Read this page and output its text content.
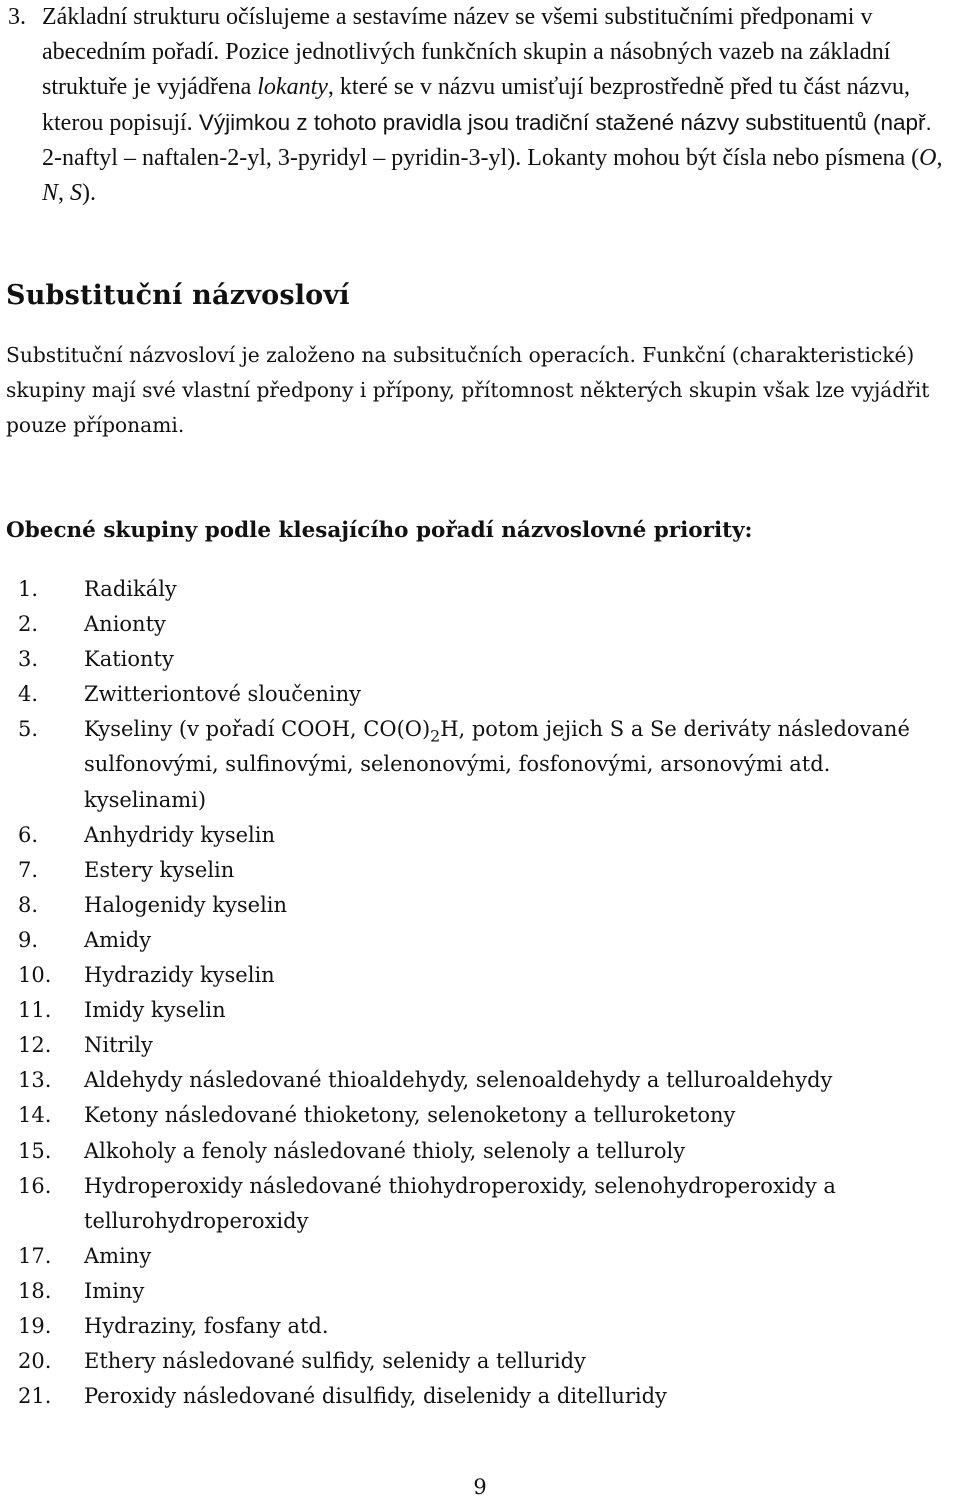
3. Základní strukturu očíslujeme a sestavíme název se všemi substitučními předponami v abecedním pořadí. Pozice jednotlivých funkčních skupin a násobných vazeb na základní struktuře je vyjádřena lokanty, které se v názvu umisťují bezprostředně před tu část názvu, kterou popisují. Výjimkou z tohoto pravidla jsou tradiční stažené názvy substituentů (např. 2-naftyl – naftalen-2-yl, 3-pyridyl – pyridin-3-yl). Lokanty mohou být čísla nebo písmena (O, N, S).
Substituční názvosloví

Substituční názvosloví je založeno na subsitučních operacích. Funkční (charakteristické) skupiny mají své vlastní předpony i přípony, přítomnost některých skupin však lze vyjádřit pouze příponami.

Obecné skupiny podle klesajícího pořadí názvoslovné priority:
1.	Radikály
2.	Anionty
3.	Kationty
4.	Zwitteriontové sloučeniny
5.	Kyseliny (v pořadí COOH, $CO(O)_2H$, potom jejich S a Se deriváty následované sulfonovými, sulfinovými, selenonovými, fosfonovými, arsonovými atd. kyselinami)
6.	Anhydridy kyselin
7.	Estery kyselin
8.	Halogenidy kyselin
9.	Amidy
10.	Hydrazidy kyselin
11.	Imidy kyselin
12.	Nitrily
13.	Aldehydy následované thioaldehydy, selenoaldehydy a telluroaldehydy
14.	Ketony následované thioketony, selenoketony a telluroketony
15.	Alkoholy a fenoly následované thioly, selenoly a telluroly
16.	Hydroperoxidy následované thiohydroperoxidy, selenohydroperoxidy a tellurohydroperoxidy
17.	Aminy
18.	Iminy
19.	Hydraziny, fosfany atd.
20.	Ethery následované sulfidy, selenidy a telluridy
21.	Peroxidy následované disulfidy, diselenidy a ditelluridy
9
